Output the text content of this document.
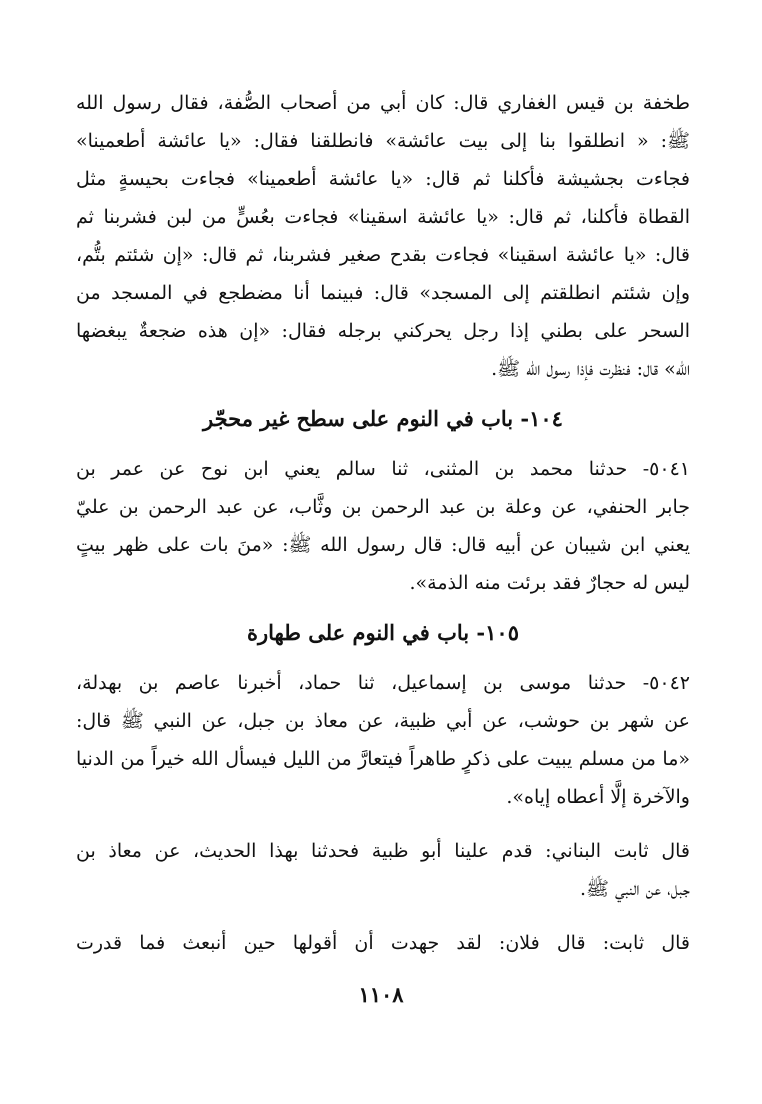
طخفة بن قيس الغفاري قال: كان أبي من أصحاب الصُّفة، فقال رسول الله
ﷺ: « انطلقوا بنا إلى بيت عائشة» فانطلقنا فقال: «يا عائشة أطعمينا»
فجاءت بجشيشة فأكلنا ثم قال: «يا عائشة أطعمينا» فجاءت بحيسةٍ مثل
القطاة فأكلنا، ثم قال: «يا عائشة اسقينا» فجاءت بعُسٍّ من لبن فشربنا ثم
قال: «يا عائشة اسقينا» فجاءت بقدح صغير فشربنا، ثم قال: «إن شئتم بتُّم،
وإن شئتم انطلقتم إلى المسجد» قال: فبينما أنا مضطجع في المسجد من
السحر على بطني إذا رجل يحركني برجله فقال: «إن هذه ضجعةٌ يبغضها
الله» قال: فنظرت فإذا رسول الله ﷺ.
١٠٤- باب في النوم على سطح غير محجّر
٥٠٤١- حدثنا محمد بن المثنى، ثنا سالم يعني ابن نوح عن عمر بن
جابر الحنفي، عن وعلة بن عبد الرحمن بن وثَّاب، عن عبد الرحمن بن عليّ
يعني ابن شيبان عن أبيه قال: قال رسول الله ﷺ: «منَ بات على ظهر بيتٍ
ليس له حجارٌ فقد برئت منه الذمة».
١٠٥- باب في النوم على طهارة
٥٠٤٢- حدثنا موسى بن إسماعيل، ثنا حماد، أخبرنا عاصم بن بهدلة،
عن شهر بن حوشب، عن أبي ظبية، عن معاذ بن جبل، عن النبي ﷺ قال:
«ما من مسلم يبيت على ذكرٍ طاهراً فيتعارَّ من الليل فيسأل الله خيراً من الدنيا
والآخرة إلَّا أعطاه إياه».
قال ثابت البناني: قدم علينا أبو ظبية فحدثنا بهذا الحديث، عن معاذ بن
جبل، عن النبي ﷺ.
قال ثابت: قال فلان: لقد جهدت أن أقولها حين أنبعث فما قدرت
١١٠٨
